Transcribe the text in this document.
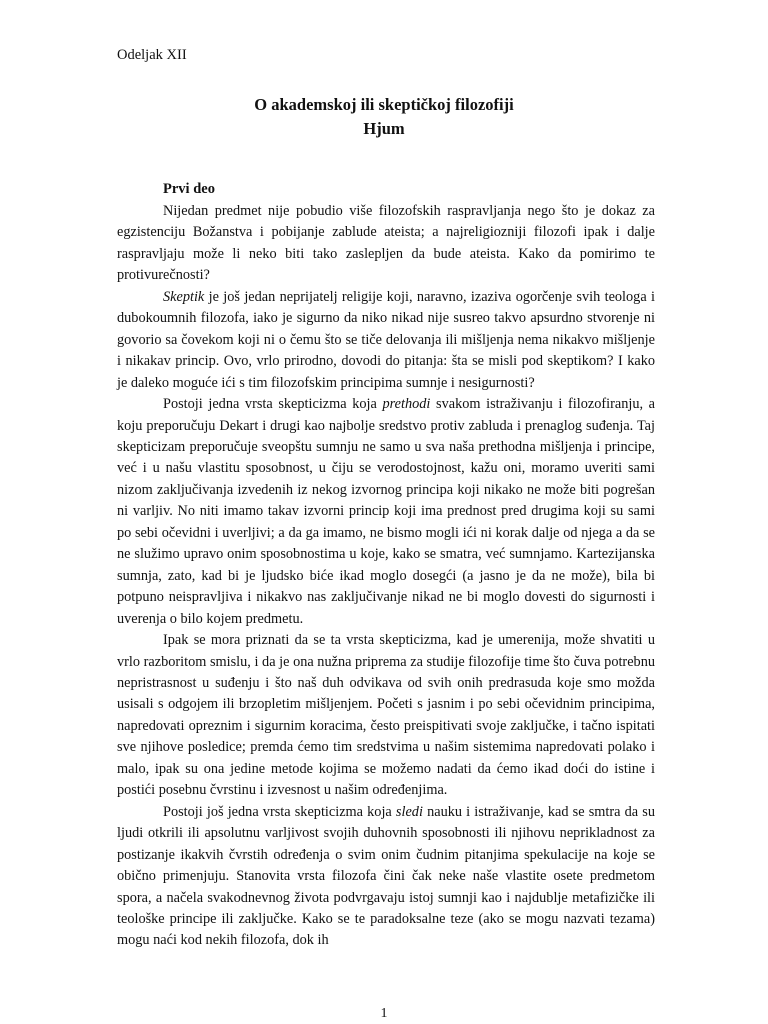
Odeljak XII
O akademskoj ili skeptičkoj filozofiji
Hjum
Prvi deo

Nijedan predmet nije pobudio više filozofskih raspravljanja nego što je dokaz za egzistenciju Božanstva i pobijanje zablude ateista; a najreligiozniji filozofi ipak i dalje raspravljaju može li neko biti tako zaslepljen da bude ateista. Kako da pomirimo te protivurečnosti?

Skeptik je još jedan neprijatelj religije koji, naravno, izaziva ogorčenje svih teologa i dubokoumnih filozofa, iako je sigurno da niko nikad nije susreo takvo apsurdno stvorenje ni govorio sa čovekom koji ni o čemu što se tiče delovanja ili mišljenja nema nikakvo mišljenje i nikakav princip. Ovo, vrlo prirodno, dovodi do pitanja: šta se misli pod skeptikom? I kako je daleko moguće ići s tim filozofskim principima sumnje i nesigurnosti?

Postoji jedna vrsta skepticizma koja prethodi svakom istraživanju i filozofiranju, a koju preporučuju Dekart i drugi kao najbolje sredstvo protiv zabluda i prenaglog suđenja. Taj skepticizam preporučuje sveopštu sumnju ne samo u sva naša prethodna mišljenja i principe, već i u našu vlastitu sposobnost, u čiju se verodostojnost, kažu oni, moramo uveriti sami nizom zaključivanja izvedenih iz nekog izvornog principa koji nikako ne može biti pogrešan ni varljiv. No niti imamo takav izvorni princip koji ima prednost pred drugima koji su sami po sebi očevidni i uverljivi; a da ga imamo, ne bismo mogli ići ni korak dalje od njega a da se ne služimo upravo onim sposobnostima u koje, kako se smatra, već sumnjamo. Kartezijanska sumnja, zato, kad bi je ljudsko biće ikad moglo dosegći (a jasno je da ne može), bila bi potpuno neispravljiva i nikakvo nas zaključivanje nikad ne bi moglo dovesti do sigurnosti i uverenja o bilo kojem predmetu.

Ipak se mora priznati da se ta vrsta skepticizma, kad je umerenija, može shvatiti u vrlo razboritom smislu, i da je ona nužna priprema za studije filozofije time što čuva potrebnu nepristrasnost u suđenju i što naš duh odvikava od svih onih predrasuda koje smo možda usisali s odgojem ili brzopletim mišljenjem. Početi s jasnim i po sebi očevidnim principima, napredovati opreznim i sigurnim koracima, često preispitivati svoje zaključke, i tačno ispitati sve njihove posledice; premda ćemo tim sredstvima u našim sistemima napredovati polako i malo, ipak su ona jedine metode kojima se možemo nadati da ćemo ikad doći do istine i postići posebnu čvrstinu i izvesnost u našim određenjima.

Postoji još jedna vrsta skepticizma koja sledi nauku i istraživanje, kad se smtra da su ljudi otkrili ili apsolutnu varljivost svojih duhovnih sposobnosti ili njihovu neprikladnost za postizanje ikakvih čvrstih određenja o svim onim čudnim pitanjima spekulacije na koje se obično primenjuju. Stanovita vrsta filozofa čini čak neke naše vlastite osete predmetom spora, a načela svakodnevnog života podvrgavaju istoj sumnji kao i najdublje metafizičke ili teološke principe ili zaključke. Kako se te paradoksalne teze (ako se mogu nazvati tezama) mogu naći kod nekih filozofa, dok ih

1
